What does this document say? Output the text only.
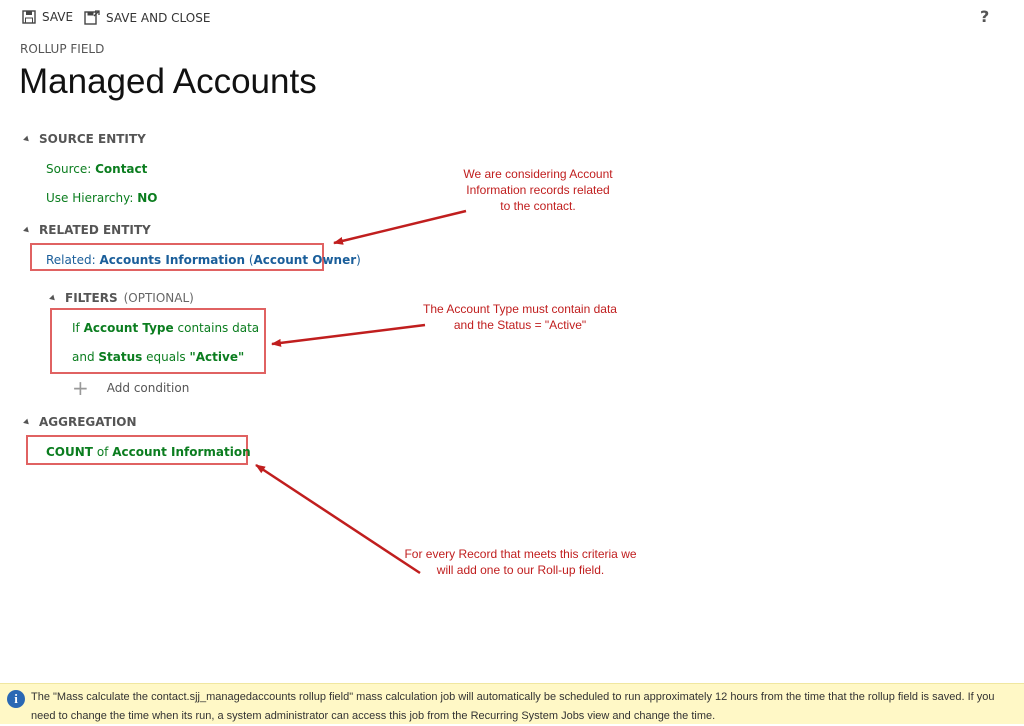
SAVE	SAVE AND CLOSE	?
ROLLUP FIELD
Managed Accounts
SOURCE ENTITY
Source: Contact
Use Hierarchy: NO
RELATED ENTITY
Related: Accounts Information (Account Owner)
FILTERS (OPTIONAL)
If Account Type contains data
and Status equals "Active"
+ Add condition
AGGREGATION
COUNT of Account Information
We are considering Account Information records related to the contact.
The Account Type must contain data and the Status = "Active"
For every Record that meets this criteria we will add one to our Roll-up field.
i	The "Mass calculate the contact.sjj_managedaccounts rollup field" mass calculation job will automatically be scheduled to run approximately 12 hours from the time that the rollup field is saved. If you need to change the time when its run, a system administrator can access this job from the Recurring System Jobs view and change the time.
